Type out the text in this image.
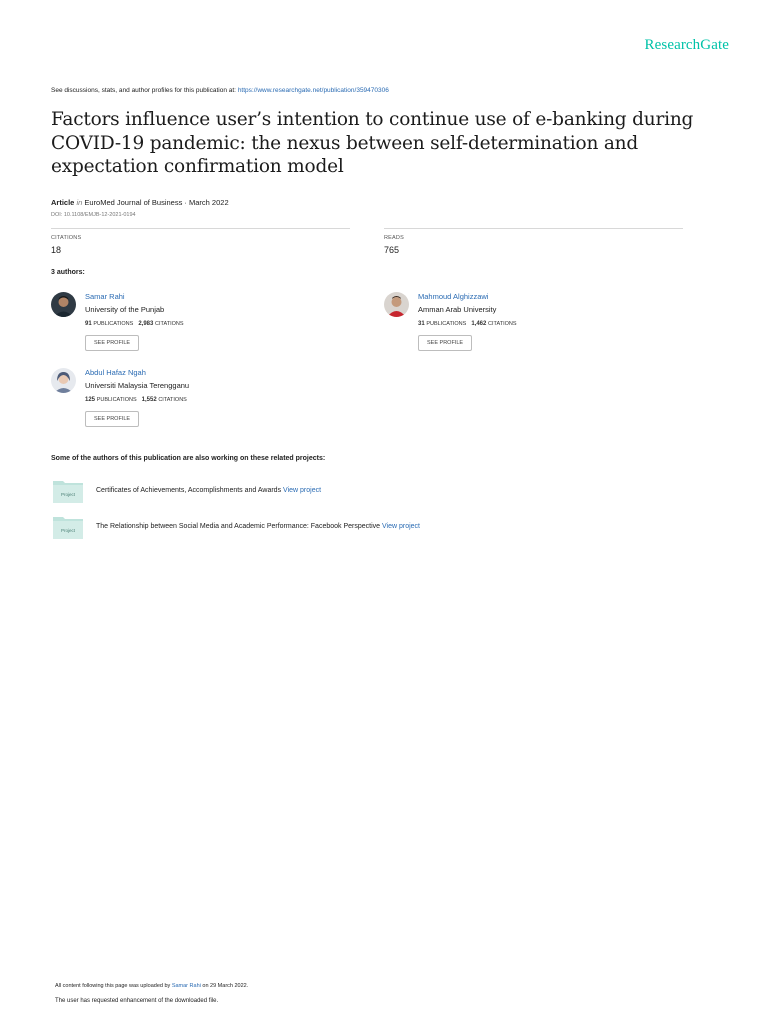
ResearchGate
See discussions, stats, and author profiles for this publication at: https://www.researchgate.net/publication/359470306
Factors influence user’s intention to continue use of e-banking during COVID-19 pandemic: the nexus between self-determination and expectation confirmation model
Article in EuroMed Journal of Business · March 2022
DOI: 10.1108/EMJB-12-2021-0194
CITATIONS
18
READS
765
3 authors:
Samar Rahi
University of the Punjab
91 PUBLICATIONS 2,983 CITATIONS
SEE PROFILE
Mahmoud Alghizzawi
Amman Arab University
31 PUBLICATIONS 1,462 CITATIONS
SEE PROFILE
Abdul Hafaz Ngah
Universiti Malaysia Terengganu
125 PUBLICATIONS 1,552 CITATIONS
SEE PROFILE
Some of the authors of this publication are also working on these related projects:
Project
Certificates of Achievements, Accomplishments and Awards View project
Project
The Relationship between Social Media and Academic Performance: Facebook Perspective View project
All content following this page was uploaded by Samar Rahi on 29 March 2022.
The user has requested enhancement of the downloaded file.
